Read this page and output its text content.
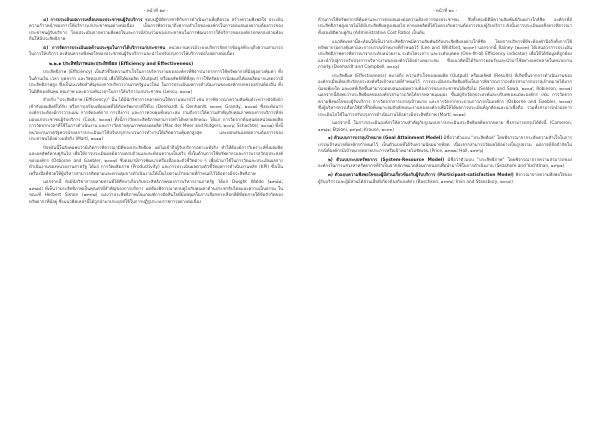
- หน้าที่ ๑๙ -

๔) การประเมินผลการเคลื่อนของประชาชนผู้รับบริการ ชอบปฏิบัติทางชาติกับการดำเนินงานที่ยุติธรรม สร้างความพึงพอใจ ประเมินความก้าวหน้าของการให้บริการแก่ประชาชนอย่างต่อเนื่อง เป็นการพิจารณาถึงความสำเร็จขององค์กรในการตอบสนองความต้องการของประชาชนผู้รับบริการ โดยประเมินจากความพึงพอใจและการมีส่วนร่วมของประชาชนในการพัฒนาการให้บริการขององค์กรปกครองส่วนท้องถิ่นให้มีประสิทธิภาพ

๕) การจัดการประเมินผลด้านประชุมในการได้บริการแก่ประชาชน หน่วยงานควรมีระบบบริหารจัดการข้อมูลที่ระบุถึงความสามารถในการให้บริการ สะท้อนความพึงพอใจของประชาชนผู้รับบริการและนำไปปรับปรุงการให้บริการต่อไปอย่างต่อเนื่อง

๒.๒.๑ ประสิทธิภาพและประสิทธิผล (Efficiency and Effectiveness)

ประสิทธิภาพ (Efficiency) เป็นตัวชี้วัดความสำเร็จในการบริหารงานขององค์กรที่พิจารณาจากการใช้ทรัพยากรที่มีอยู่อย่างคุ้มค่า ทั้งในด้านเงิน เวลา บุคลากร และวัสดุอุปกรณ์ เพื่อให้ได้ผลผลิต (Output) หรือผลลัพธ์ที่ดีที่สุด การใช้ทรัพยากรน้อยแต่ได้ผลผลิตมากแสดงว่ามีประสิทธิภาพสูง ซึ่งเป็นแนวคิดสำคัญของการบริหารงานภาครัฐแนวใหม่ ในการประเมินผลการดำเนินงานขององค์กรปกครองส่วนท้องถิ่น ทั้งในมิติของต้นทุน คุณภาพ และความทันเวลาในการให้บริการแก่ประชาชน (Lencu, ๒๐๐๑)

สำหรับ "ประสิทธิภาพ (Efficiency)" นั้น ได้มีนักวิชาการหลายท่านให้ความหมายไว้ เช่น การพิจารณาความสัมพันธ์ระหว่างปัจจัยนำเข้ากับผลผลิตที่ได้รับ หรือการเปรียบเทียบผลที่ได้กับทรัพยากรที่ใช้ไป (Denhardt & Denhardt, ๒๐๐๓; Grandy, ๒๐๐๗) ซึ่งสะท้อนว่าองค์กรจะต้องมีการวางแผน การจัดองค์การ การสั่งการ และการควบคุมที่เหมาะสม รวมถึงการให้ความสำคัญกับคุณภาพของการบริการที่ส่งมอบแก่ประชาชนผู้รับบริการ (Cook, ๒๐๐๗) ทั้งนี้การวัดประสิทธิภาพสามารถทำได้หลายลักษณะ ได้แก่ การวัดจากต้นทุนต่อหน่วยผลผลิต การวัดจากเวลาที่ใช้ในการดำเนินงาน และการวัดจากคุณภาพของผลผลิต (Mac der Meer and Rutgers, ๒๐๐๖; Schachter, ๒๐๐๗) ทั้งนี้หน่วยงานภาครัฐควรนำผลการประเมินมาใช้ปรับปรุงกระบวนการทำงานให้เกิดความคุ้มค่าสูงสุด และตอบสนองต่อความต้องการของประชาชนได้อย่างแท้จริง (Martí, ๒๐๑๑)

ปัจจุบันนี้ในสังคมพบว่ามีเกิดการพิจารณามิติของประสิทธิผล แต่ไม่เข้าถึงผู้รับบริการอย่างแท้จริง ทำให้ต้องมีการวิเคราะห์ทั้งผลผลิตและผลลัพธ์ควบคู่กันไป เพื่อให้การประเมินผลมีความครบถ้วนและสะท้อนความเป็นจริง ทั้งในด้านการใช้ทรัพยากรและการบรรลุวัตถุประสงค์ขององค์กร (Osborne and Gaebler, ๒๐๐๗) ซึ่งต่อมามีการพัฒนาเครื่องมือและตัวชี้วัดต่าง ๆ เพื่อนำมาใช้ในการวัดและประเมินผลการดำเนินงานของหน่วยงานภาครัฐ ได้แก่ การวัดผลิตภาพ (Productivity) และการประเมินผลตามตัวชี้วัดผลการดำเนินงานหลัก (KPI) ซึ่งเป็นเครื่องมือที่ช่วยให้ผู้บริหารสามารถติดตามและควบคุมการดำเนินงานให้เป็นไปตามเป้าหมายที่กำหนดไว้ได้อย่างมีประสิทธิภาพ

นอกจากนี้ ยังมีนักวิชาการหลายท่านที่ได้ศึกษาเกี่ยวกับประสิทธิภาพของการบริหารงานภาครัฐ ได้แก่ Dwight Waldo (๑๙๔๘; ๑๙๘๔) ที่เห็นว่าประสิทธิภาพเป็นคุณค่าที่สำคัญของการบริหาร แต่ต้องพิจารณาควบคู่ไปกับคุณค่าด้านประชาธิปไตยและความเป็นธรรม ในขณะที่ Herbert Simon (๑๙๙๗) มองว่าประสิทธิภาพเป็นเกณฑ์การตัดสินใจที่มีเหตุผลในการเลือกทางเลือกที่ดีที่สุดภายใต้ข้อจำกัดของทรัพยากรที่มีอยู่ ซึ่งแนวคิดเหล่านี้ได้ถูกนำมาประยุกต์ใช้ในการปฏิรูประบบราชการอย่างต่อเนื่อง

- หน้าที่ ๒๐ -

ด้านการใช้ทรัพยากรที่คุ้มค่าและการตอบสนองต่อความต้องการของประชาชน ซึ่งทั้งสองมิติมีความสัมพันธ์กันอย่างใกล้ชิด องค์กรที่มีประสิทธิภาพสูงอาจไม่ได้มีประสิทธิผลสูงเสมอไป หากผลผลิตที่ได้ไม่ตรงกับความต้องการของผู้รับบริการ ดังนั้นการประเมินผลจึงควรพิจารณาทั้งสองมิติควบคู่กัน (Administrative Cost Ratio) เป็นต้น

แนวคิดเหล่านี้สะท้อนให้เห็นว่าประสิทธิภาพมีความสัมพันธ์กับประสิทธิผลอย่างใกล้ชิด โดยการบริหารที่ดีจะต้องคำนึงถึงทั้งการใช้ทรัพยากรอย่างคุ้มค่าและการบรรลุเป้าหมายที่กำหนดไว้ (Lee and Whitford, ๒๐๐๙) นอกจากนี้ Rainey (๒๐๐๓) ได้เสนอว่าการประเมินประสิทธิภาพควรพิจารณาจากระดับหน่วยงาน ระดับโครงการ และระดับบุคคล (One-fit-all Efficiency indicator) เพื่อให้ได้ข้อมูลที่ถูกต้องและนำไปสู่การปรับปรุงการบริหารงานขององค์กรได้อย่างเหมาะสม ซึ่งแนวคิดนี้ได้รับการยอมรับและนำมาใช้อย่างแพร่หลายในหน่วยงานภาครัฐ (Denhardt and Campbell, ๒๐๐๖)

ประสิทธิผล (Effectiveness) หมายถึง ความสำเร็จของผลผลิต (Output) หรือผลลัพธ์ (Results) ที่เกิดขึ้นจากการดำเนินงานขององค์กรเมื่อเทียบกับวัตถุประสงค์หรือเป้าหมายที่กำหนดไว้ การประเมินประสิทธิผลจึงเป็นการพิจารณาว่าองค์กรสามารถบรรลุเป้าหมายได้มากน้อยเพียงใด และผลที่เกิดขึ้นสามารถตอบสนองต่อความต้องการของประชาชนได้หรือไม่ (Selden and Sowa, ๒๐๐๔; Robinson, ๒๐๐๗) นอกจากนี้ยังพบว่าประสิทธิผลขององค์กรสามารถวัดได้จากหลายมุมมอง ขึ้นอยู่กับวัตถุประสงค์และบริบทของแต่ละองค์กร เช่น การวัดจากความพึงพอใจของผู้รับบริการ การวัดจากการบรรลุเป้าหมาย และการวัดจากกระบวนการภายในองค์กร (Osborne and Gaebler, ๒๐๐๗) ซึ่งผู้บริหารควรเลือกใช้ตัวชี้วัดที่เหมาะสมกับลักษณะงานขององค์กรเพื่อให้ได้ผลการประเมินที่ถูกต้องและน่าเชื่อถือ รวมทั้งสามารถนำผลการประเมินไปใช้ในการปรับปรุงการดำเนินงานได้อย่างมีประสิทธิภาพ (Martí, ๒๐๑๑)

นอกจากนี้ ในการประเมินองค์กรให้ความสำคัญกับรูปแบบการประเมินประสิทธิผลที่หลากหลาย ซึ่งสามารถสรุปได้ดังนี้ (Cameron, ๑๙๘๑; Etzioni, ๑๙๖๔; Krause, ๒๐๐๓)

๑) ตัวแบบการบรรลุเป้าหมาย (Goal Attainment Model) มีชื่อว่าตัวแบบ "ประสิทธิผล" โดยพิจารณาจากระดับความสำเร็จในการบรรลุเป้าหมายที่องค์กรกำหนดไว้ เป็นตัวแบบที่ได้รับความนิยมมากที่สุด เนื่องจากสามารถวัดผลได้อย่างเป็นรูปธรรม แต่อาจมีข้อจำกัดในกรณีที่องค์กรมีเป้าหมายหลายประการหรือเป้าหมายไม่ชัดเจน (Price, ๑๙๗๒; Hall, ๑๙๙๖)

๒) ตัวแบบระบบทรัพยากร (System-Resource Model) มีชื่อว่าตัวแบบ "ประสิทธิภาพ" โดยพิจารณาจากความสามารถขององค์กรในการแสวงหาทรัพยากรที่จำเป็นจากสภาพแวดล้อมภายนอกเพื่อนำมาใช้ในการดำเนินงาน (Seashore and Yuchtman, ๑๙๖๗)

๓) ตัวแบบความพึงพอใจของผู้มีส่วนเกี่ยวข้องกับผู้รับบริการ (Participant-satisfaction Model) พิจารณาจากความพึงพอใจของผู้รับบริการและผู้มีส่วนได้ส่วนเสียที่เกี่ยวข้องกับองค์กร (Boschken, ๑๙๙๔; Irvin and Stansbury, ๒๐๐๔)
